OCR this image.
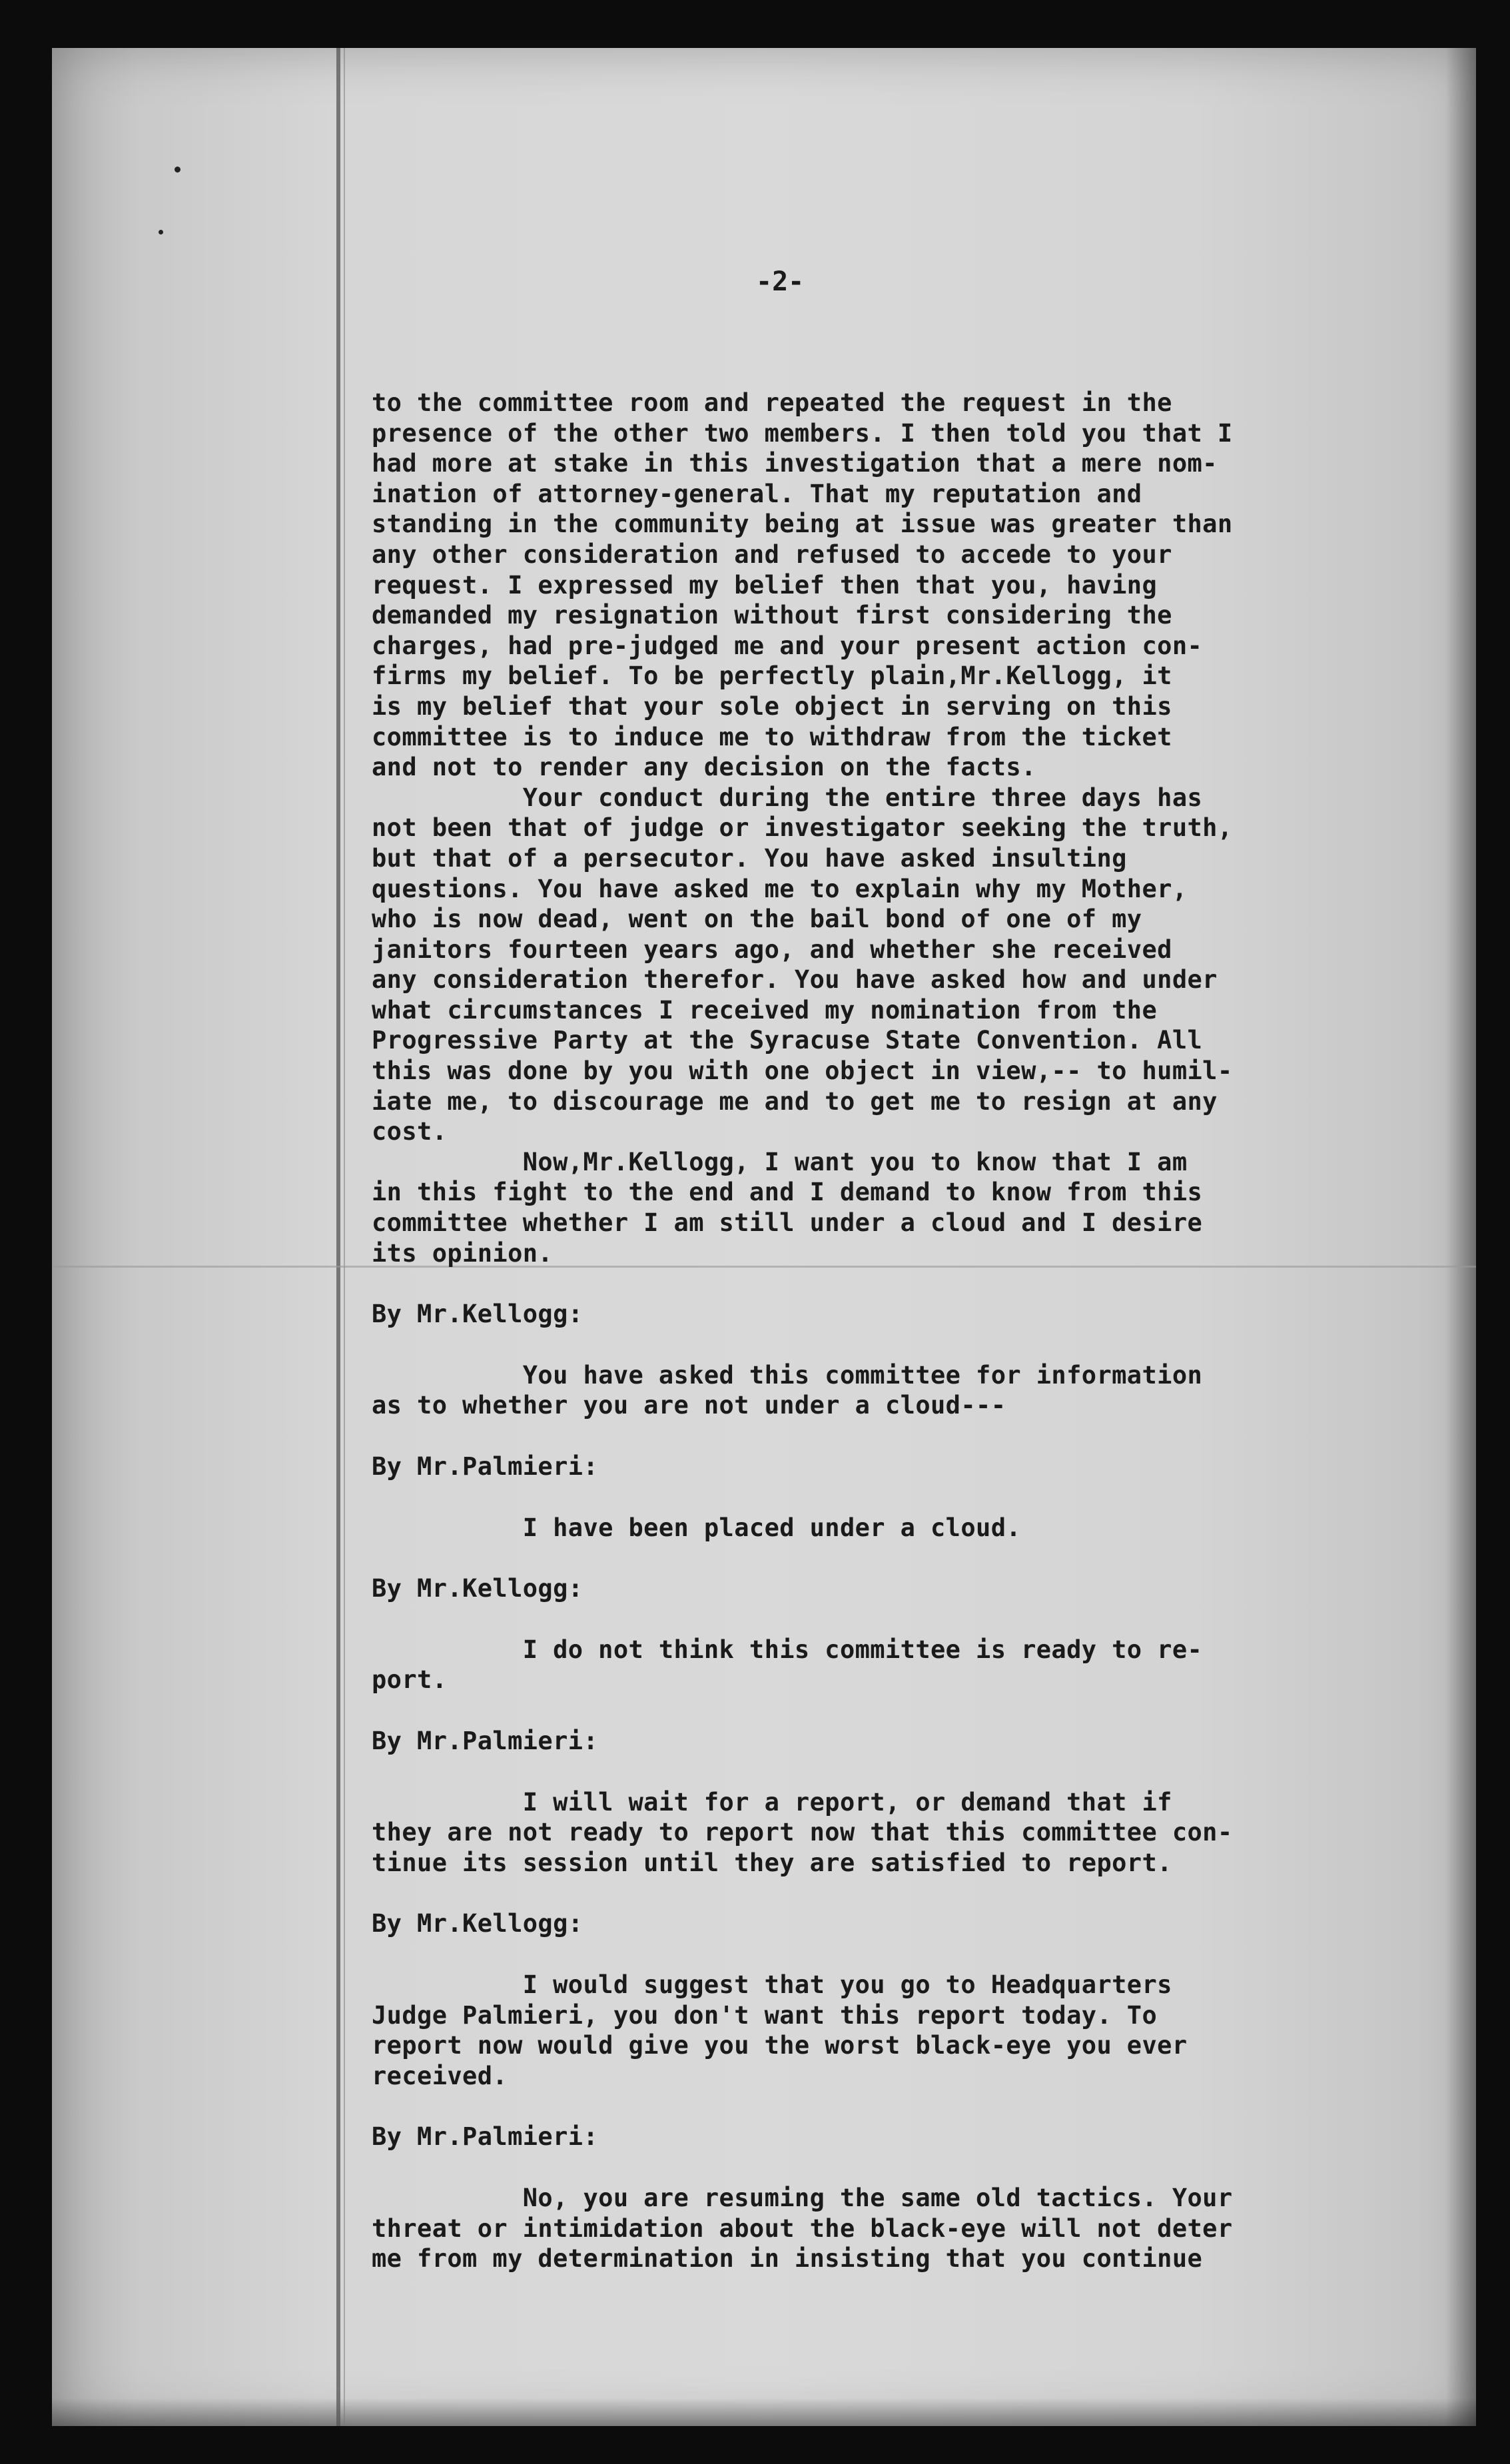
-2-

to the committee room and repeated the request in the

presence of the other two members. I then told you that I

had more at stake in this investigation that a mere nom-

ination of attorney-general. That my reputation and

standing in the community being at issue was greater than

any other consideration and refused to accede to your

request. I expressed my belief then that you, having

demanded my resignation without first considering the

charges, had pre-judged me and your present action con-

firms my belief. To be perfectly plain,Mr.Kellogg, it

is my belief that your sole object in serving on this

committee is to induce me to withdraw from the ticket

and not to render any decision on the facts.

Your conduct during the entire three days has

not been that of judge or investigator seeking the truth,

but that of a persecutor. You have asked insulting

questions. You have asked me to explain why my Mother,

who is now dead, went on the bail bond of one of my

janitors fourteen years ago, and whether she received

any consideration therefor. You have asked how and under

what circumstances I received my nomination from the

Progressive Party at the Syracuse State Convention. All

this was done by you with one object in view,-- to humil-

iate me, to discourage me and to get me to resign at any

cost.

Now,Mr.Kellogg, I want you to know that I am

in this fight to the end and I demand to know from this

committee whether I am still under a cloud and I desire

its opinion.

By Mr.Kellogg:

You have asked this committee for information

as to whether you are not under a cloud---

By Mr.Palmieri:

I have been placed under a cloud.

By Mr.Kellogg:

I do not think this committee is ready to re-

port.

By Mr.Palmieri:

I will wait for a report, or demand that if

they are not ready to report now that this committee con-

tinue its session until they are satisfied to report.

By Mr.Kellogg:

I would suggest that you go to Headquarters

Judge Palmieri, you don't want this report today. To

report now would give you the worst black-eye you ever

received.

By Mr.Palmieri:

No, you are resuming the same old tactics. Your

threat or intimidation about the black-eye will not deter

me from my determination in insisting that you continue
